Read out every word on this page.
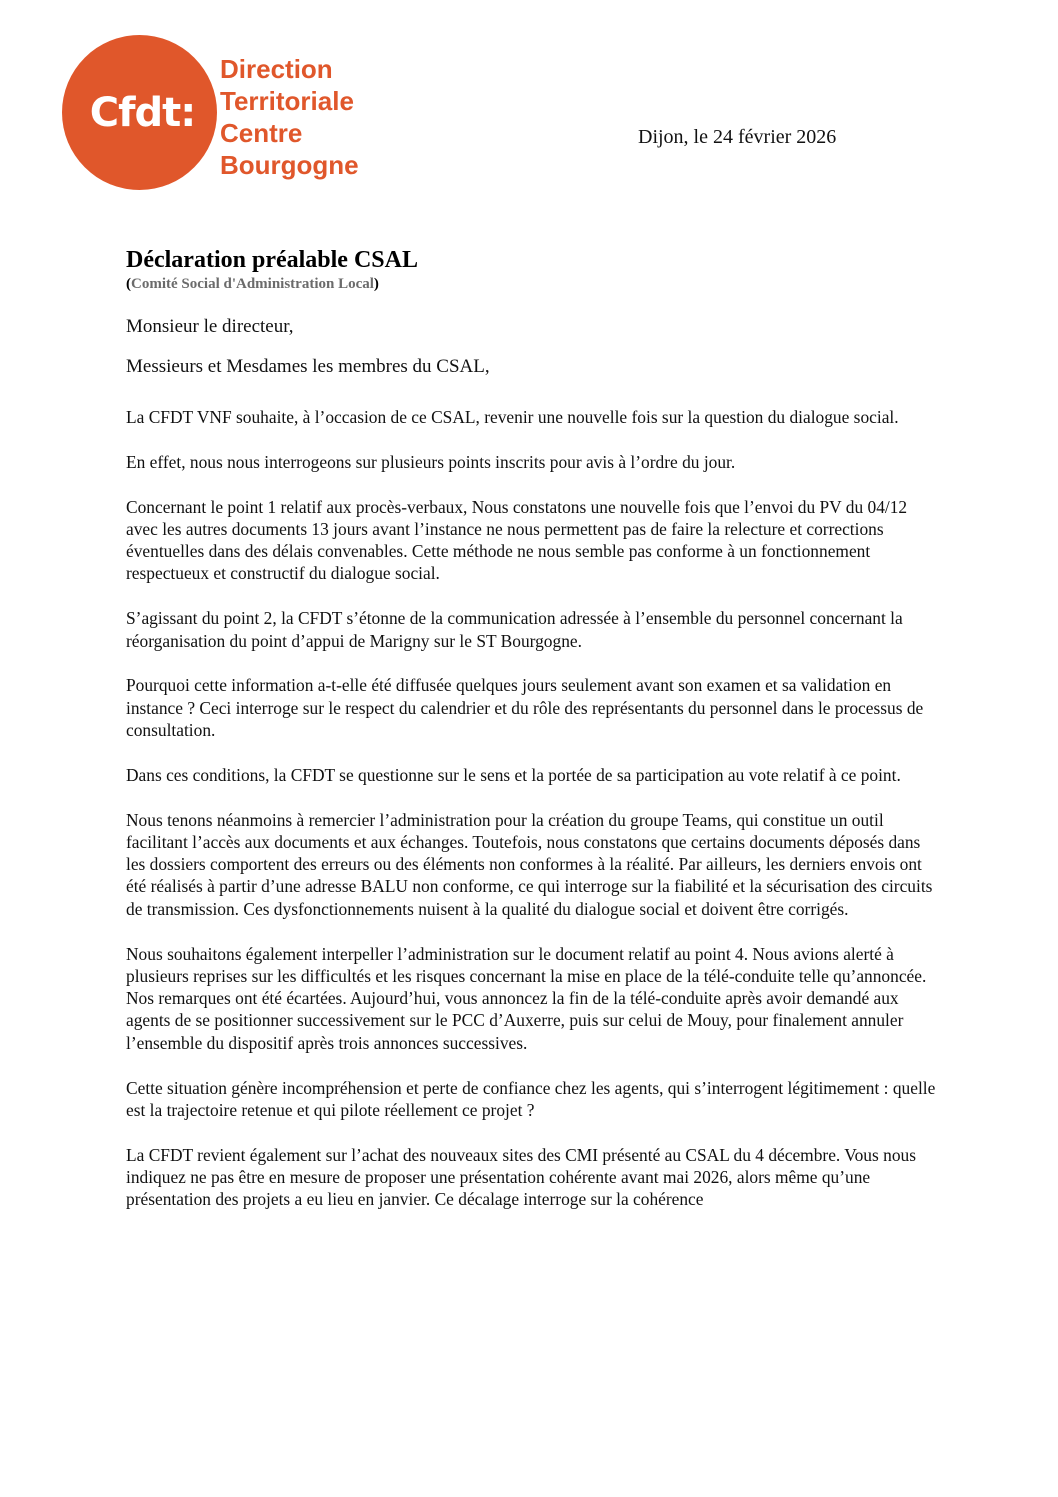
Cfdt:
Direction
Territoriale
Centre
Bourgogne
Dijon, le 24 février 2026
Déclaration préalable CSAL
(Comité Social d'Administration Local)
Monsieur le directeur,
Messieurs et Mesdames les membres du CSAL,

La CFDT VNF souhaite, à l’occasion de ce CSAL, revenir une nouvelle fois sur la question du dialogue social.

En effet, nous nous interrogeons sur plusieurs points inscrits pour avis à l’ordre du jour.

Concernant le point 1 relatif aux procès-verbaux, Nous constatons une nouvelle fois que l’envoi du PV du 04/12 avec les autres documents 13 jours avant l’instance ne nous permettent pas de faire la relecture et corrections éventuelles dans des délais convenables. Cette méthode ne nous semble pas conforme à un fonctionnement respectueux et constructif du dialogue social.

S’agissant du point 2, la CFDT s’étonne de la communication adressée à l’ensemble du personnel concernant la réorganisation du point d’appui de Marigny sur le ST Bourgogne.

Pourquoi cette information a-t-elle été diffusée quelques jours seulement avant son examen et sa validation en instance ? Ceci interroge sur le respect du calendrier et du rôle des représentants du personnel dans le processus de consultation.

Dans ces conditions, la CFDT se questionne sur le sens et la portée de sa participation au vote relatif à ce point.

Nous tenons néanmoins à remercier l’administration pour la création du groupe Teams, qui constitue un outil facilitant l’accès aux documents et aux échanges. Toutefois, nous constatons que certains documents déposés dans les dossiers comportent des erreurs ou des éléments non conformes à la réalité. Par ailleurs, les derniers envois ont été réalisés à partir d’une adresse BALU non conforme, ce qui interroge sur la fiabilité et la sécurisation des circuits de transmission. Ces dysfonctionnements nuisent à la qualité du dialogue social et doivent être corrigés.

Nous souhaitons également interpeller l’administration sur le document relatif au point 4. Nous avions alerté à plusieurs reprises sur les difficultés et les risques concernant la mise en place de la télé-conduite telle qu’annoncée. Nos remarques ont été écartées. Aujourd’hui, vous annoncez la fin de la télé-conduite après avoir demandé aux agents de se positionner successivement sur le PCC d’Auxerre, puis sur celui de Mouy, pour finalement annuler l’ensemble du dispositif après trois annonces successives.

Cette situation génère incompréhension et perte de confiance chez les agents, qui s’interrogent légitimement : quelle est la trajectoire retenue et qui pilote réellement ce projet ?

La CFDT revient également sur l’achat des nouveaux sites des CMI présenté au CSAL du 4 décembre. Vous nous indiquez ne pas être en mesure de proposer une présentation cohérente avant mai 2026, alors même qu’une présentation des projets a eu lieu en janvier. Ce décalage interroge sur la cohérence
